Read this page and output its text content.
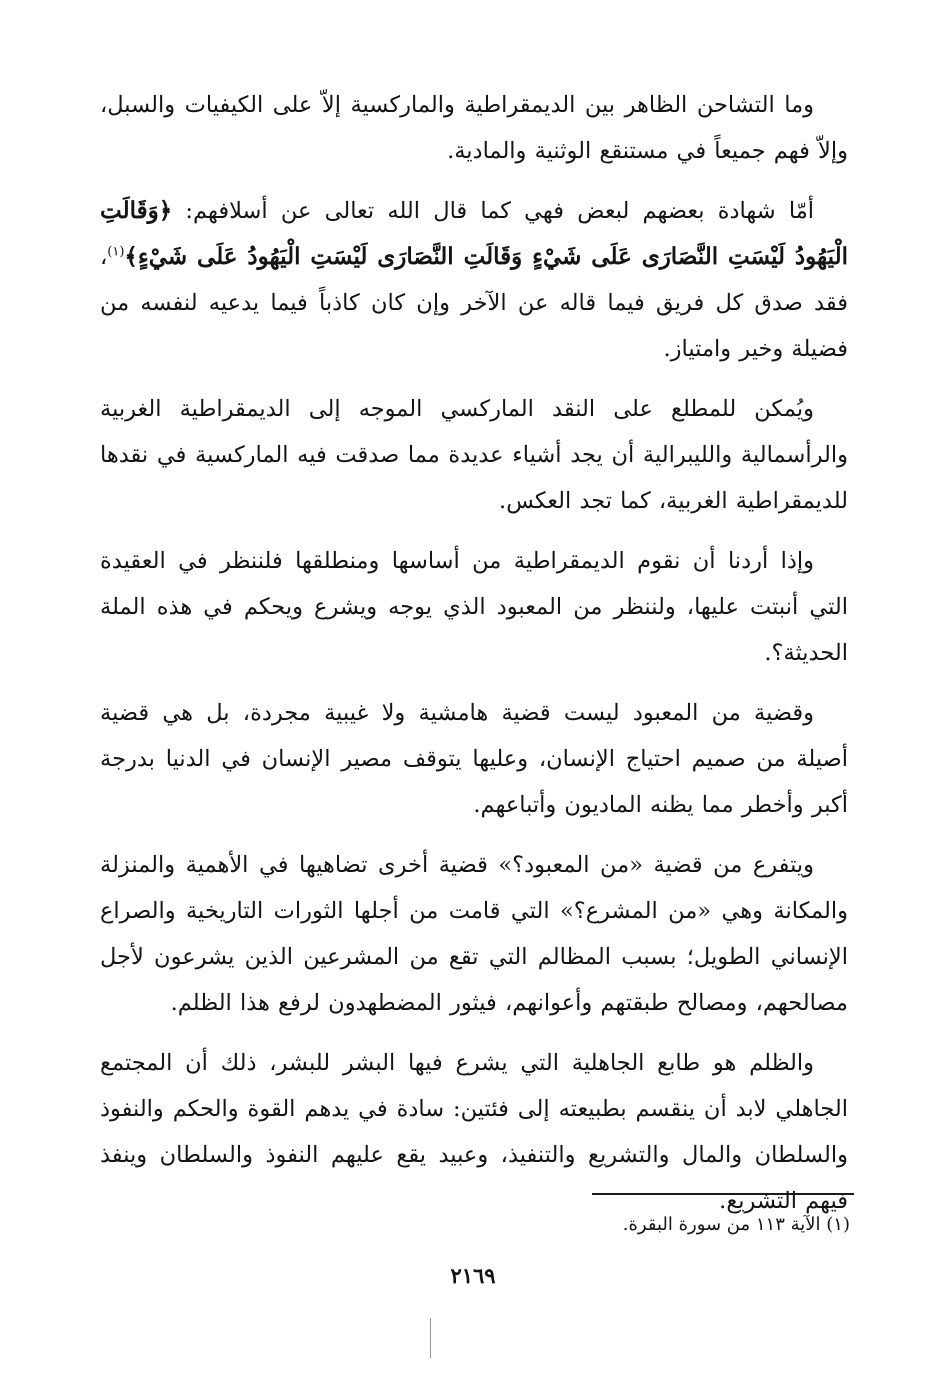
وما التشاحن الظاهر بين الديمقراطية والماركسية إلاّ على الكيفيات والسبل، وإلاّ فهم جميعاً في مستنقع الوثنية والمادية.

أمّا شهادة بعضهم لبعض فهي كما قال الله تعالى عن أسلافهم: ﴿وَقَالَتِ الْيَهُودُ لَيْسَتِ النَّصَارَى عَلَى شَيْءٍ وَقَالَتِ النَّصَارَى لَيْسَتِ الْيَهُودُ عَلَى شَيْءٍ﴾$^{(١)}$، فقد صدق كل فريق فيما قاله عن الآخر وإن كان كاذباً فيما يدعيه لنفسه من فضيلة وخير وامتياز.

ويُمكن للمطلع على النقد الماركسي الموجه إلى الديمقراطية الغربية والرأسمالية والليبرالية أن يجد أشياء عديدة مما صدقت فيه الماركسية في نقدها للديمقراطية الغربية، كما تجد العكس.

وإذا أردنا أن نقوم الديمقراطية من أساسها ومنطلقها فلننظر في العقيدة التي أنبتت عليها، ولننظر من المعبود الذي يوجه ويشرع ويحكم في هذه الملة الحديثة؟.

وقضية من المعبود ليست قضية هامشية ولا غيبية مجردة، بل هي قضية أصيلة من صميم احتياج الإنسان، وعليها يتوقف مصير الإنسان في الدنيا بدرجة أكبر وأخطر مما يظنه الماديون وأتباعهم.

ويتفرع من قضية «من المعبود؟» قضية أخرى تضاهيها في الأهمية والمنزلة والمكانة وهي «من المشرع؟» التي قامت من أجلها الثورات التاريخية والصراع الإنساني الطويل؛ بسبب المظالم التي تقع من المشرعين الذين يشرعون لأجل مصالحهم، ومصالح طبقتهم وأعوانهم، فيثور المضطهدون لرفع هذا الظلم.

والظلم هو طابع الجاهلية التي يشرع فيها البشر للبشر، ذلك أن المجتمع الجاهلي لابد أن ينقسم بطبيعته إلى فئتين: سادة في يدهم القوة والحكم والنفوذ والسلطان والمال والتشريع والتنفيذ، وعبيد يقع عليهم النفوذ والسلطان وينفذ فيهم التشريع.

(١) الآية ١١٣ من سورة البقرة.
٢١٦٩
